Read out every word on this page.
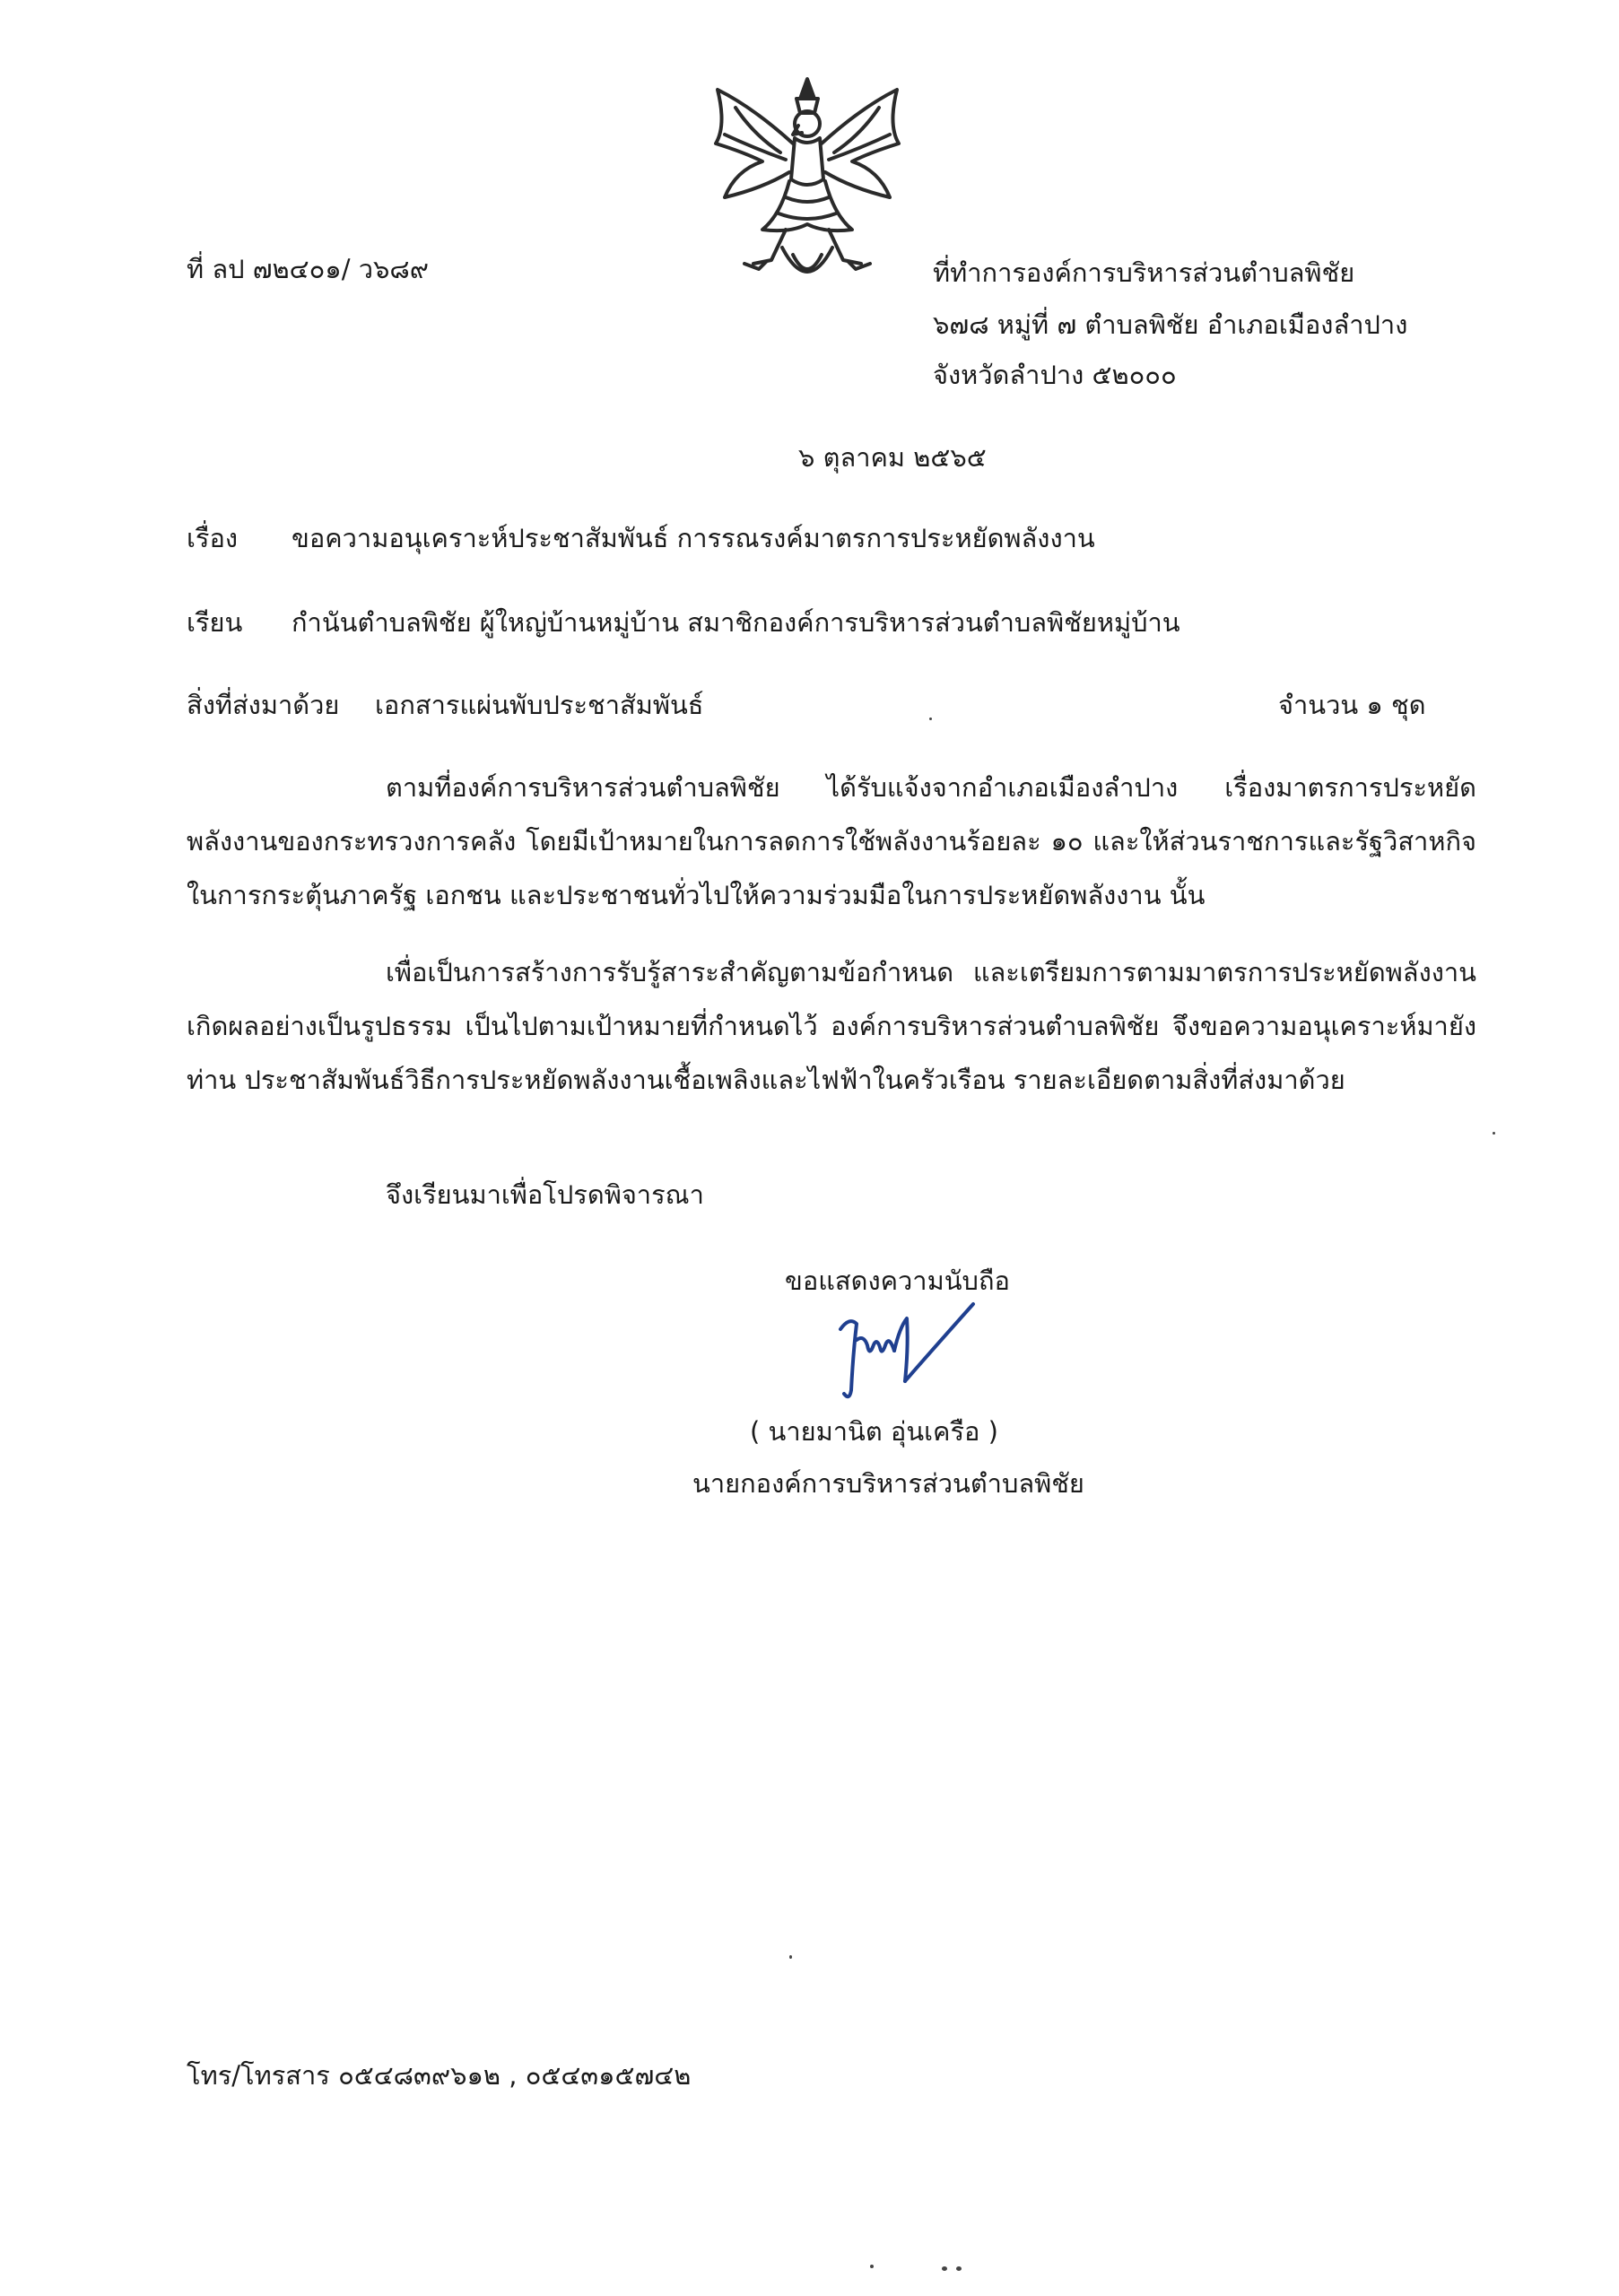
ที่ ลป ๗๒๔๐๑/ ว๖๘๙	ที่ทำการองค์การบริหารส่วนตำบลพิชัย
๖๗๘ หมู่ที่ ๗ ตำบลพิชัย อำเภอเมืองลำปาง
จังหวัดลำปาง ๕๒๐๐๐
๖ ตุลาคม ๒๕๖๕
เรื่อง ขอความอนุเคราะห์ประชาสัมพันธ์ การรณรงค์มาตรการประหยัดพลังงาน
เรียน กำนันตำบลพิชัย ผู้ใหญ่บ้านหมู่บ้าน สมาชิกองค์การบริหารส่วนตำบลพิชัยหมู่บ้าน
สิ่งที่ส่งมาด้วย เอกสารแผ่นพับประชาสัมพันธ์	จำนวน ๑ ชุด
ตามที่องค์การบริหารส่วนตำบลพิชัย ได้รับแจ้งจากอำเภอเมืองลำปาง เรื่องมาตรการประหยัดพลังงานของกระทรวงการคลัง โดยมีเป้าหมายในการลดการใช้พลังงานร้อยละ ๑๐ และให้ส่วนราชการและรัฐวิสาหกิจ ในการกระตุ้นภาครัฐ เอกชน และประชาชนทั่วไปให้ความร่วมมือในการประหยัดพลังงาน นั้น
เพื่อเป็นการสร้างการรับรู้สาระสำคัญตามข้อกำหนด และเตรียมการตามมาตรการประหยัดพลังงาน เกิดผลอย่างเป็นรูปธรรม เป็นไปตามเป้าหมายที่กำหนดไว้ องค์การบริหารส่วนตำบลพิชัย จึงขอความอนุเคราะห์มายังท่าน ประชาสัมพันธ์วิธีการประหยัดพลังงานเชื้อเพลิงและไฟฟ้าในครัวเรือน รายละเอียดตามสิ่งที่ส่งมาด้วย
จึงเรียนมาเพื่อโปรดพิจารณา
ขอแสดงความนับถือ
( นายมานิต อุ่นเครือ )
นายกองค์การบริหารส่วนตำบลพิชัย
โทร/โทรสาร ๐๕๔๘๓๙๖๑๒ , ๐๕๔๓๑๕๗๔๒
